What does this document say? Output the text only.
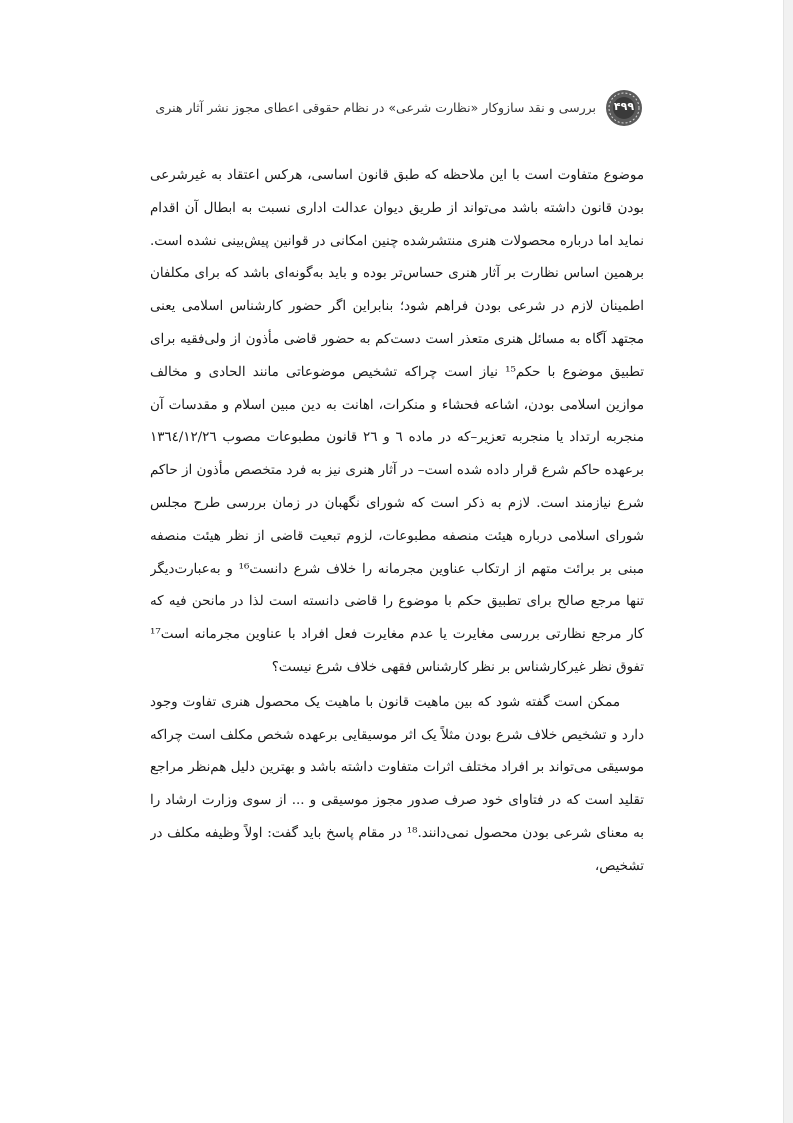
۴۹۹
بررسی و نقد سازوکار «نظارت شرعی» در نظام حقوقی اعطای مجوز نشر آثار هنری

موضوع متفاوت است با این ملاحظه که طبق قانون اساسی، هرکس اعتقاد به غیرشرعی بودن قانون داشته باشد می‌تواند از طریق دیوان عدالت اداری نسبت به ابطال آن اقدام نماید اما درباره محصولات هنری منتشرشده چنین امکانی در قوانین پیش‌بینی نشده است. برهمین اساس نظارت بر آثار هنری حساس‌تر بوده و باید به‌گونه‌ای باشد که برای مکلفان اطمینان لازم در شرعی بودن فراهم شود؛ بنابراین اگر حضور کارشناس اسلامی یعنی مجتهد آگاه به مسائل هنری متعذر است دست‌کم به حضور قاضی مأذون از ولی‌فقیه برای تطبیق موضوع با حکم¹⁵ نیاز است چراکه تشخیص موضوعاتی مانند الحادی و مخالف موازین اسلامی بودن، اشاعه فحشاء و منکرات، اهانت به دین مبین اسلام و مقدسات آن منجربه ارتداد یا منجربه تعزیر–که در ماده ٦ و ٢٦ قانون مطبوعات مصوب ١٣٦٤/١٢/٢٦ برعهده حاکم شرع قرار داده شده است– در آثار هنری نیز به فرد متخصص مأذون از حاکم شرع نیازمند است. لازم به ذکر است که شورای نگهبان در زمان بررسی طرح مجلس شورای اسلامی درباره هیئت منصفه مطبوعات، لزوم تبعیت قاضی از نظر هیئت منصفه مبنی بر برائت متهم از ارتکاب عناوین مجرمانه را خلاف شرع دانست¹⁶ و به‌عبارت‌دیگر تنها مرجع صالح برای تطبیق حکم با موضوع را قاضی دانسته است لذا در مانحن فیه که کار مرجع نظارتی بررسی مغایرت یا عدم مغایرت فعل افراد با عناوین مجرمانه است¹⁷ تفوق نظر غیرکارشناس بر نظر کارشناس فقهی خلاف شرع نیست؟

ممکن است گفته شود که بین ماهیت قانون با ماهیت یک محصول هنری تفاوت وجود دارد و تشخیص خلاف شرع بودن مثلاً یک اثر موسیقایی برعهده شخص مکلف است چراکه موسیقی می‌تواند بر افراد مختلف اثرات متفاوت داشته باشد و بهترین دلیل هم‌نظر مراجع تقلید است که در فتاوای خود صرف صدور مجوز موسیقی و ... از سوی وزارت ارشاد را به معنای شرعی بودن محصول نمی‌دانند.¹⁸ در مقام پاسخ باید گفت: اولاً وظیفه مکلف در تشخیص،
